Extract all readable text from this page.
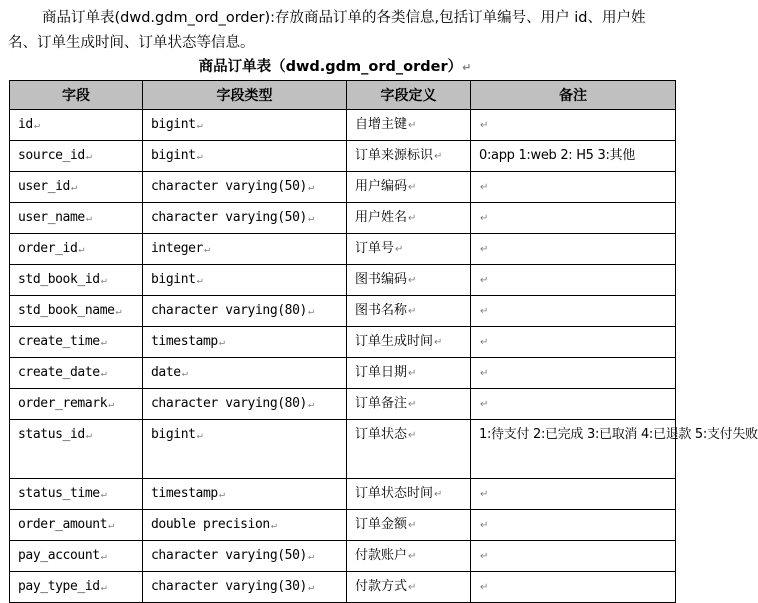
商品订单表(dwd.gdm_ord_order):存放商品订单的各类信息,包括订单编号、用户 id、用户姓名、订单生成时间、订单状态等信息。

商品订单表（dwd.gdm_ord_order）↵

字段	字段类型	字段定义	备注
id↵	bigint↵	自增主键↵	↵
source_id↵	bigint↵	订单来源标识↵	0:app 1:web 2: H5 3:其他
user_id↵	character varying(50)↵	用户编码↵	↵
user_name↵	character varying(50)↵	用户姓名↵	↵
order_id↵	integer↵	订单号↵	↵
std_book_id↵	bigint↵	图书编码↵	↵
std_book_name↵	character varying(80)↵	图书名称↵	↵
create_time↵	timestamp↵	订单生成时间↵	↵
create_date↵	date↵	订单日期↵	↵
order_remark↵	character varying(80)↵	订单备注↵	↵
status_id↵	bigint↵	订单状态↵	1:待支付 2:已完成 3:已取消 4:已退款 5:支付失败
status_time↵	timestamp↵	订单状态时间↵	↵
order_amount↵	double precision↵	订单金额↵	↵
pay_account↵	character varying(50)↵	付款账户↵	↵
pay_type_id↵	character varying(30)↵	付款方式↵	↵
